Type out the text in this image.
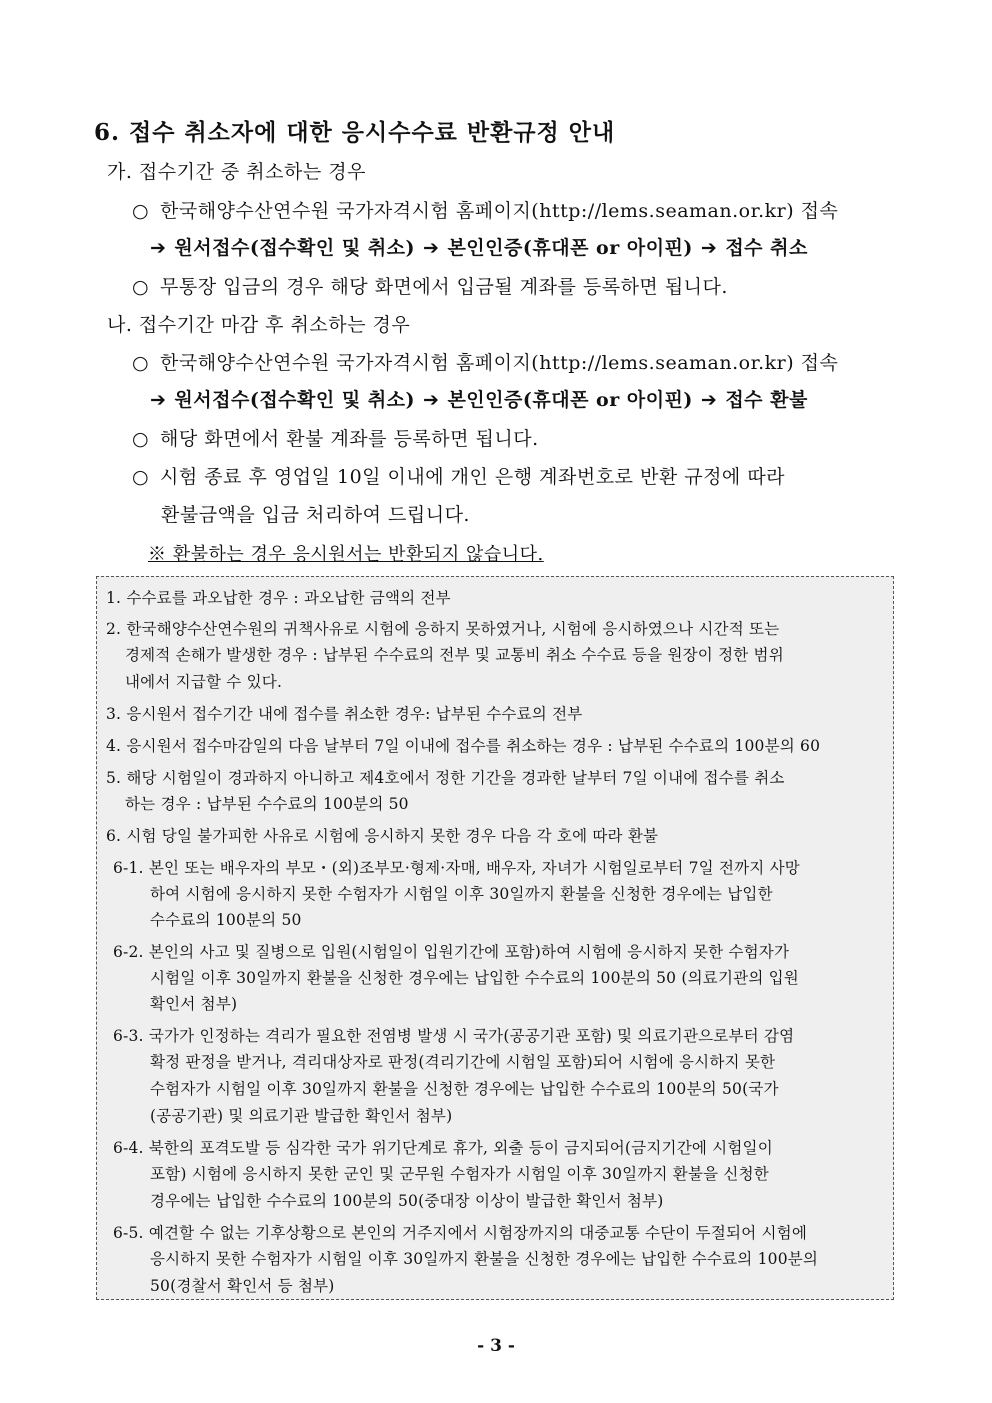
6. 접수 취소자에 대한 응시수수료 반환규정 안내
가. 접수기간 중 취소하는 경우
○ 한국해양수산연수원 국가자격시험 홈페이지(http://lems.seaman.or.kr) 접속
➔ 원서접수(접수확인 및 취소) ➔ 본인인증(휴대폰 or 아이핀) ➔ 접수 취소
○ 무통장 입금의 경우 해당 화면에서 입금될 계좌를 등록하면 됩니다.
나. 접수기간 마감 후 취소하는 경우
○ 한국해양수산연수원 국가자격시험 홈페이지(http://lems.seaman.or.kr) 접속
➔ 원서접수(접수확인 및 취소) ➔ 본인인증(휴대폰 or 아이핀) ➔ 접수 환불
○ 해당 화면에서 환불 계좌를 등록하면 됩니다.
○ 시험 종료 후 영업일 10일 이내에 개인 은행 계좌번호로 반환 규정에 따라
환불금액을 입금 처리하여 드립니다.
※ 환불하는 경우 응시원서는 반환되지 않습니다.
1. 수수료를 과오납한 경우 : 과오납한 금액의 전부
2. 한국해양수산연수원의 귀책사유로 시험에 응하지 못하였거나, 시험에 응시하였으나 시간적 또는
경제적 손해가 발생한 경우 : 납부된 수수료의 전부 및 교통비 취소 수수료 등을 원장이 정한 범위
내에서 지급할 수 있다.
3. 응시원서 접수기간 내에 접수를 취소한 경우: 납부된 수수료의 전부
4. 응시원서 접수마감일의 다음 날부터 7일 이내에 접수를 취소하는 경우 : 납부된 수수료의 100분의 60
5. 해당 시험일이 경과하지 아니하고 제4호에서 정한 기간을 경과한 날부터 7일 이내에 접수를 취소
하는 경우 : 납부된 수수료의 100분의 50
6. 시험 당일 불가피한 사유로 시험에 응시하지 못한 경우 다음 각 호에 따라 환불
6-1. 본인 또는 배우자의 부모・(외)조부모·형제·자매, 배우자, 자녀가 시험일로부터 7일 전까지 사망
하여 시험에 응시하지 못한 수험자가 시험일 이후 30일까지 환불을 신청한 경우에는 납입한
수수료의 100분의 50
6-2. 본인의 사고 및 질병으로 입원(시험일이 입원기간에 포함)하여 시험에 응시하지 못한 수험자가
시험일 이후 30일까지 환불을 신청한 경우에는 납입한 수수료의 100분의 50 (의료기관의 입원
확인서 첨부)
6-3. 국가가 인정하는 격리가 필요한 전염병 발생 시 국가(공공기관 포함) 및 의료기관으로부터 감염
확정 판정을 받거나, 격리대상자로 판정(격리기간에 시험일 포함)되어 시험에 응시하지 못한
수험자가 시험일 이후 30일까지 환불을 신청한 경우에는 납입한 수수료의 100분의 50(국가
(공공기관) 및 의료기관 발급한 확인서 첨부)
6-4. 북한의 포격도발 등 심각한 국가 위기단계로 휴가, 외출 등이 금지되어(금지기간에 시험일이
포함) 시험에 응시하지 못한 군인 및 군무원 수험자가 시험일 이후 30일까지 환불을 신청한
경우에는 납입한 수수료의 100분의 50(중대장 이상이 발급한 확인서 첨부)
6-5. 예견할 수 없는 기후상황으로 본인의 거주지에서 시험장까지의 대중교통 수단이 두절되어 시험에
응시하지 못한 수험자가 시험일 이후 30일까지 환불을 신청한 경우에는 납입한 수수료의 100분의
50(경찰서 확인서 등 첨부)
- 3 -
